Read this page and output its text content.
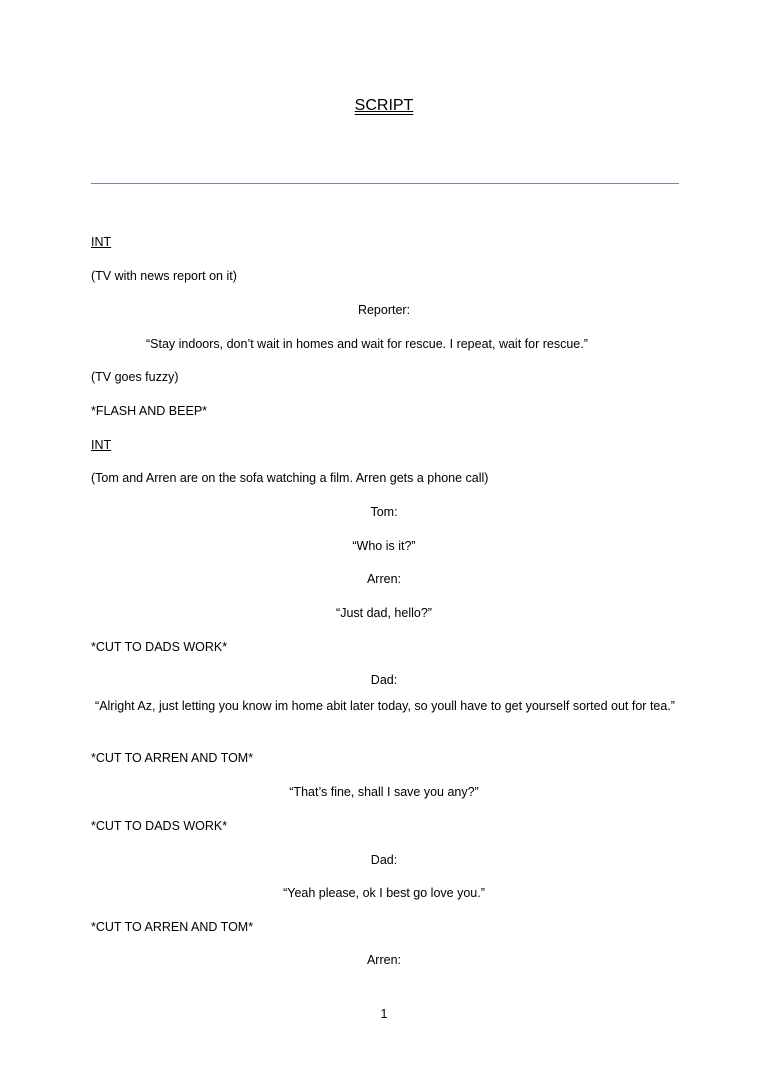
SCRIPT
INT
(TV with news report on it)
Reporter:
“Stay indoors, don’t wait in homes and wait for rescue. I repeat, wait for rescue.”
(TV goes fuzzy)
*FLASH AND BEEP*
INT
(Tom and Arren are on the sofa watching a film. Arren gets a phone call)
Tom:
“Who is it?”
Arren:
“Just dad, hello?”
*CUT TO DADS WORK*
Dad:
“Alright Az, just letting you know im home abit later today, so youll have to get yourself sorted out for tea.”
*CUT TO ARREN AND TOM*
“That’s fine, shall I save you any?”
*CUT TO DADS WORK*
Dad:
“Yeah please, ok I best go love you.”
*CUT TO ARREN AND TOM*
Arren:
1
